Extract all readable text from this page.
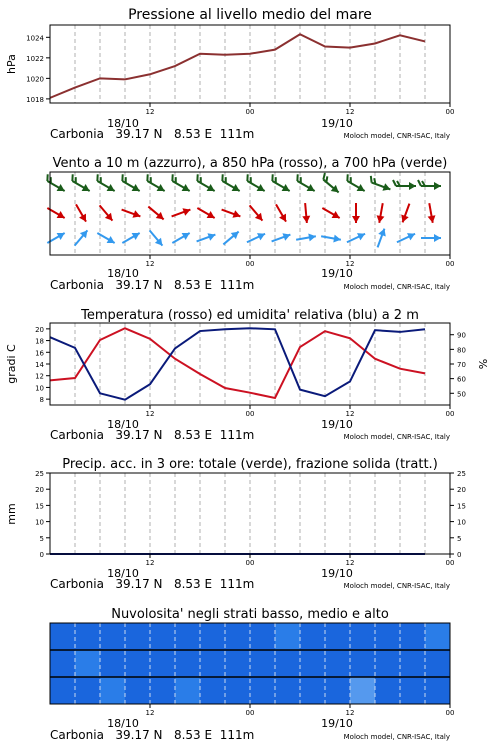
Pressione al livello medio del mare
hPa
1018
1020
1022
1024
12	00	12	00
18/10	19/10
Carbonia   39.17 N   8.53 E  111m	Moloch model, CNR-ISAC, Italy
Vento a 10 m (azzurro), a 850 hPa (rosso), a 700 hPa (verde)
12	00	12	00
18/10	19/10
Carbonia   39.17 N   8.53 E  111m	Moloch model, CNR-ISAC, Italy
Temperatura (rosso) ed umidita' relativa (blu) a 2 m
gradi C	%
8
10
12
14
16
18
20
50
60
70
80
90
12	00	12	00
18/10	19/10
Carbonia   39.17 N   8.53 E  111m	Moloch model, CNR-ISAC, Italy
Precip. acc. in 3 ore: totale (verde), frazione solida (tratt.)
mm
0
5
10
15
20
25
0
5
10
15
20
25
12	00	12	00
18/10	19/10
Carbonia   39.17 N   8.53 E  111m	Moloch model, CNR-ISAC, Italy
Nuvolosita' negli strati basso, medio e alto
12	00	12	00
18/10	19/10
Carbonia   39.17 N   8.53 E  111m	Moloch model, CNR-ISAC, Italy
